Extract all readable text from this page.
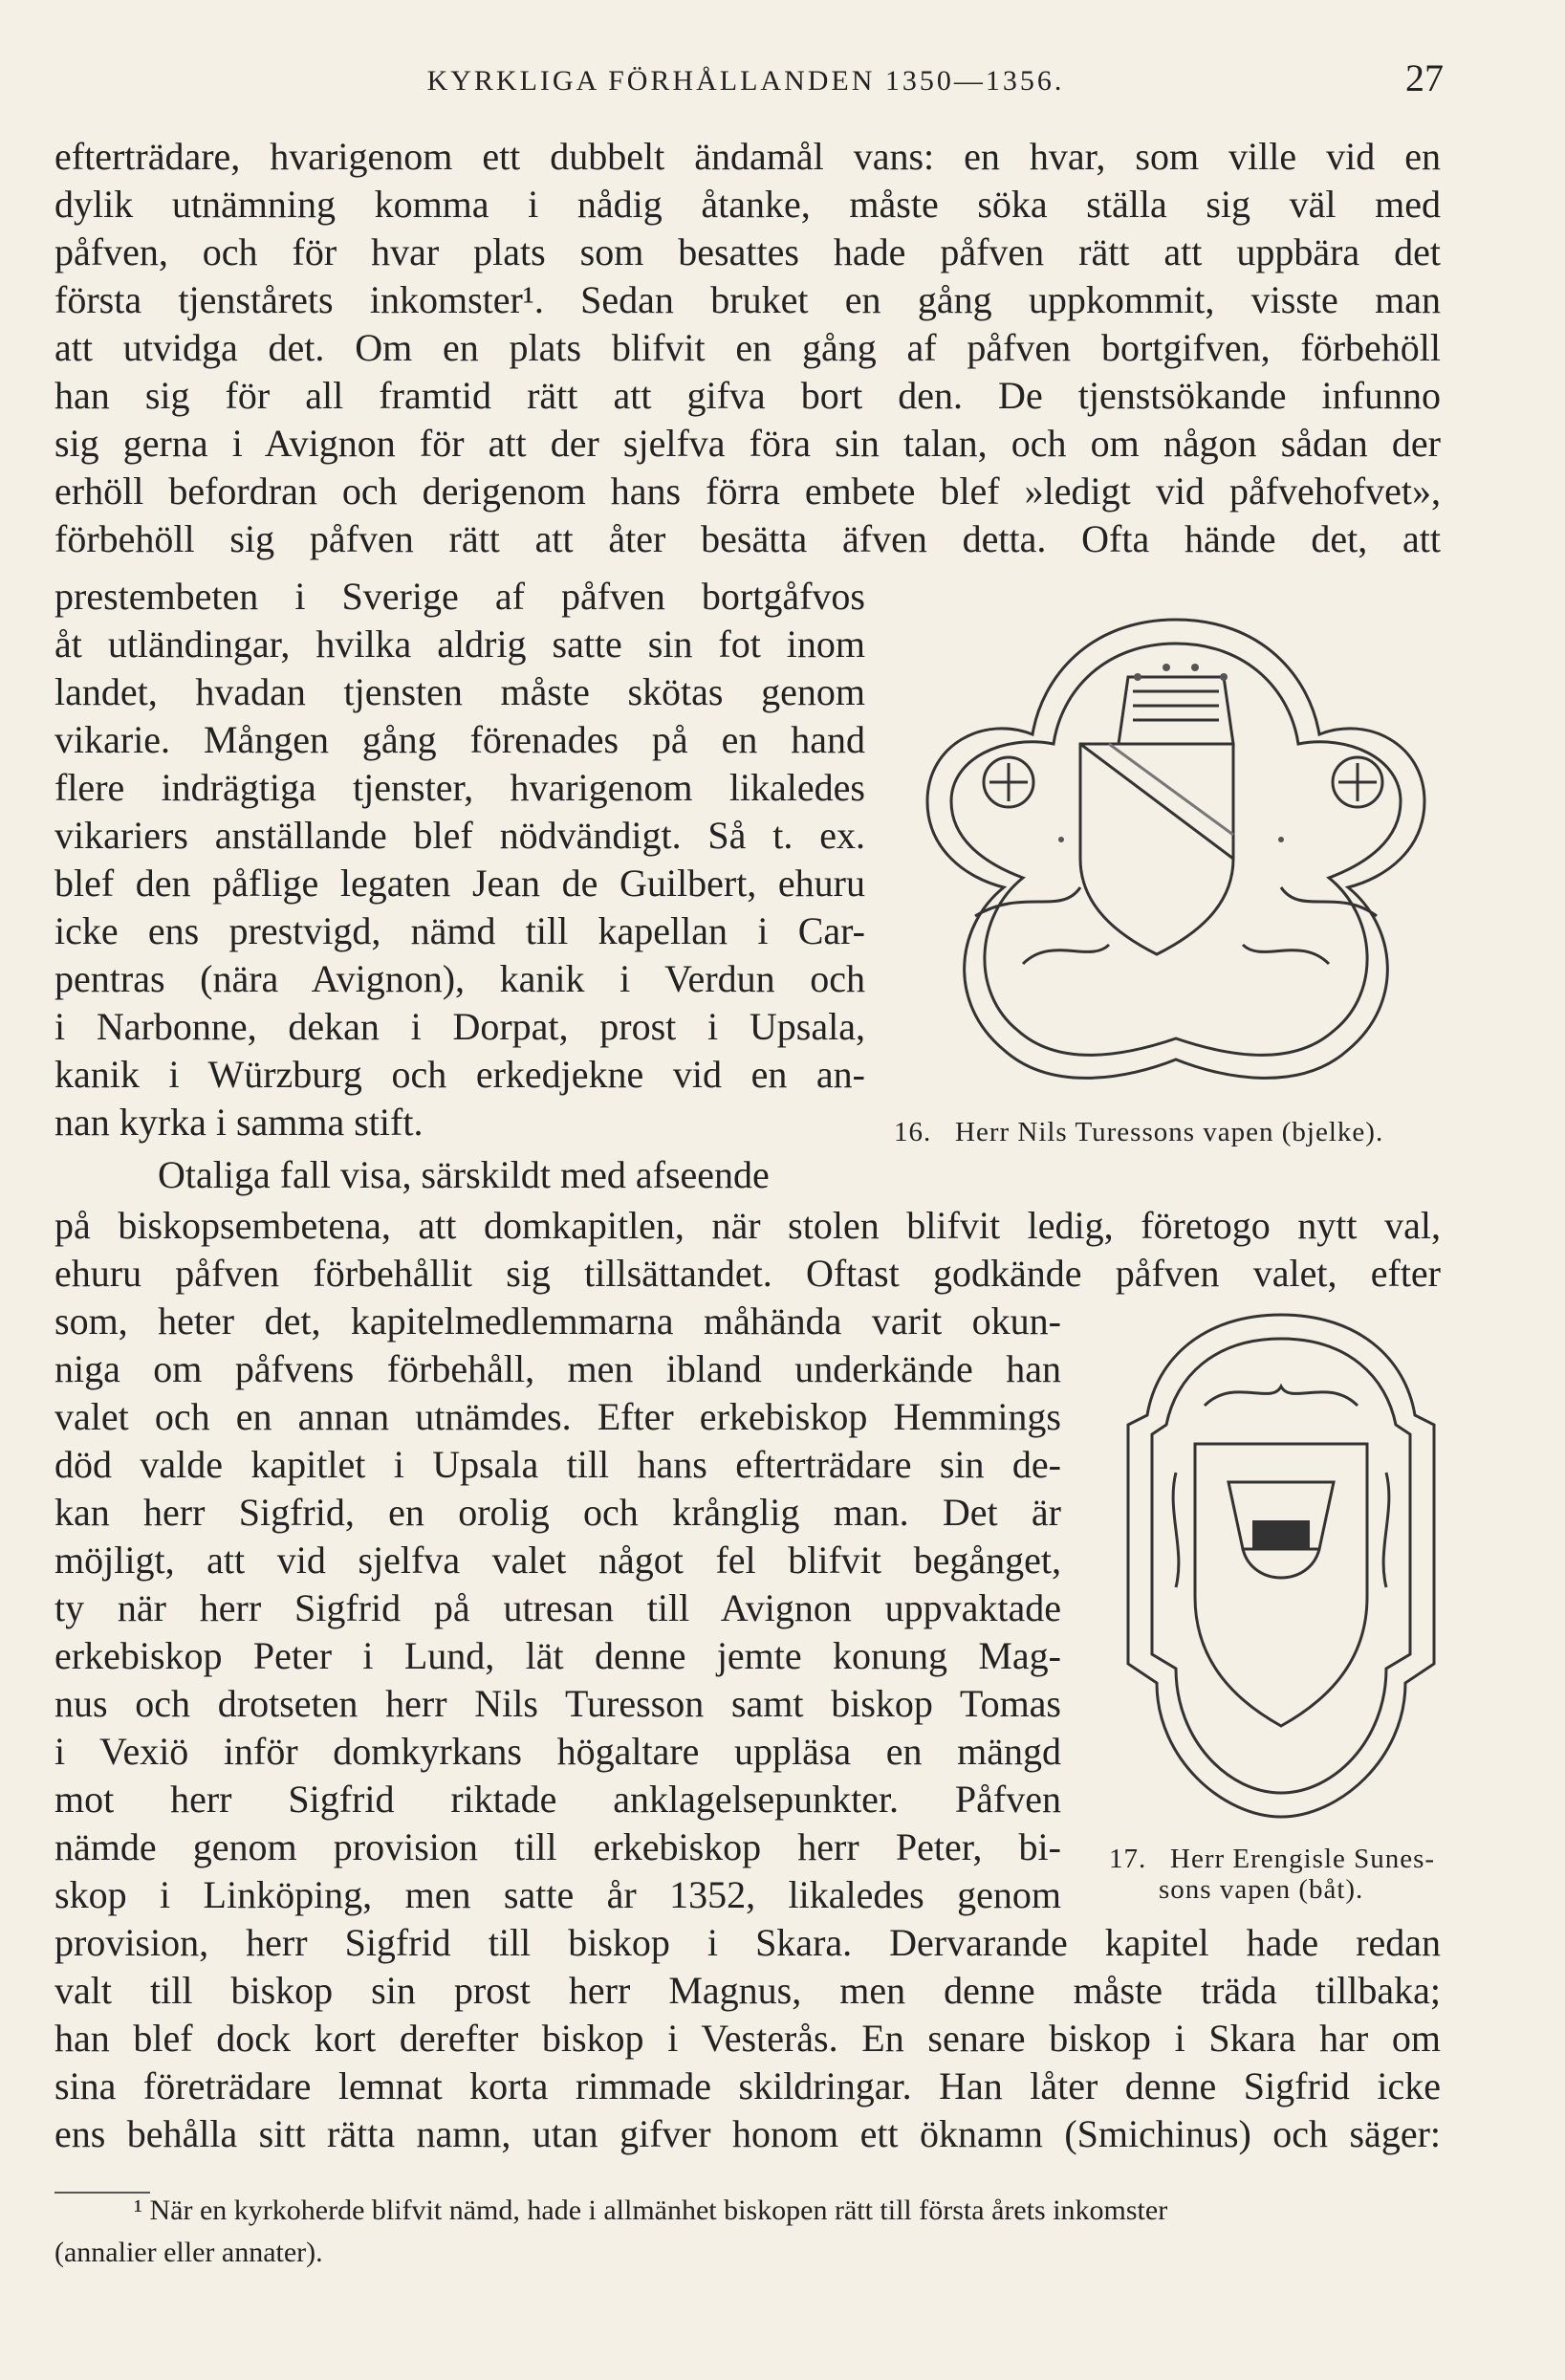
KYRKLIGA FÖRHÅLLANDEN 1350—1356.	27
efterträdare, hvarigenom ett dubbelt ändamål vans: en hvar, som ville vid en
dylik utnämning komma i nådig åtanke, måste söka ställa sig väl med
påfven, och för hvar plats som besattes hade påfven rätt att uppbära det
första tjenstårets inkomster¹. Sedan bruket en gång uppkommit, visste man
att utvidga det. Om en plats blifvit en gång af påfven bortgifven, förbehöll
han sig för all framtid rätt att gifva bort den. De tjenstsökande infunno
sig gerna i Avignon för att der sjelfva föra sin talan, och om någon sådan der
erhöll befordran och derigenom hans förra embete blef »ledigt vid påfvehofvet»,
förbehöll sig påfven rätt att åter besätta äfven detta. Ofta hände det, att
prestembeten i Sverige af påfven bortgåfvos
åt utländingar, hvilka aldrig satte sin fot inom
landet, hvadan tjensten måste skötas genom
vikarie. Mången gång förenades på en hand
flere indrägtiga tjenster, hvarigenom likaledes
vikariers anställande blef nödvändigt. Så t. ex.
blef den påflige legaten Jean de Guilbert, ehuru
icke ens prestvigd, nämd till kapellan i Car-
pentras (nära Avignon), kanik i Verdun och
i Narbonne, dekan i Dorpat, prost i Upsala,
kanik i Würzburg och erkedjekne vid en an-
nan kyrka i samma stift.
Otaliga fall visa, särskildt med afseende
på biskopsembetena, att domkapitlen, när stolen blifvit ledig, företogo nytt val,
ehuru påfven förbehållit sig tillsättandet. Oftast godkände påfven valet, efter
som, heter det, kapitelmedlemmarna måhända varit okun-
niga om påfvens förbehåll, men ibland underkände han
valet och en annan utnämdes. Efter erkebiskop Hemmings
död valde kapitlet i Upsala till hans efterträdare sin de-
kan herr Sigfrid, en orolig och krånglig man. Det är
möjligt, att vid sjelfva valet något fel blifvit begånget,
ty när herr Sigfrid på utresan till Avignon uppvaktade
erkebiskop Peter i Lund, lät denne jemte konung Mag-
nus och drotseten herr Nils Turesson samt biskop Tomas
i Vexiö inför domkyrkans högaltare uppläsa en mängd
mot herr Sigfrid riktade anklagelsepunkter. Påfven
nämde genom provision till erkebiskop herr Peter, bi-
skop i Linköping, men satte år 1352, likaledes genom
provision, herr Sigfrid till biskop i Skara. Dervarande kapitel hade redan
valt till biskop sin prost herr Magnus, men denne måste träda tillbaka;
han blef dock kort derefter biskop i Vesterås. En senare biskop i Skara har om
sina företrädare lemnat korta rimmade skildringar. Han låter denne Sigfrid icke
ens behålla sitt rätta namn, utan gifver honom ett öknamn (Smichinus) och säger:
16. Herr Nils Turessons vapen (bjelke).
17. Herr Erengisle Sunes-
sons vapen (båt).
¹ När en kyrkoherde blifvit nämd, hade i allmänhet biskopen rätt till första årets inkomster
(annalier eller annater).
